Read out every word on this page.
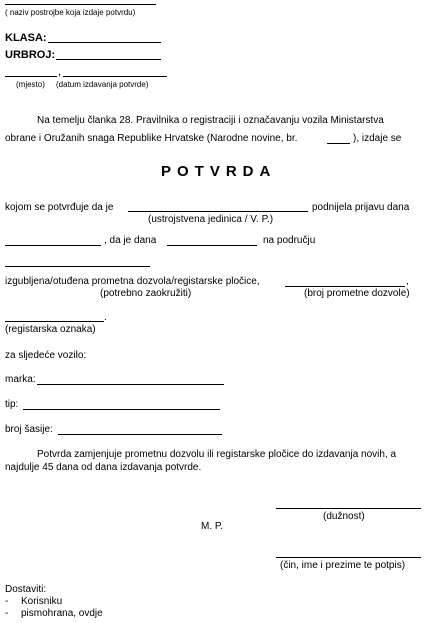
( naziv postrojbe koja izdaje potvrdu)
KLASA:
URBROJ:
,
(mjesto) (datum izdavanja potvrde)
Na temelju članka 28. Pravilnika o registraciji i označavanju vozila Ministarstva
obrane i Oružanih snaga Republike Hrvatske (Narodne novine, br.	), izdaje se
POTVRDA
kojom se potvrđuje da je	podnijela prijavu dana
(ustrojstvena jedinica / V. P.)
, da je dana	na području
izgubljena/otuđena prometna dozvola/registarske pločice,	,
(potrebno zaokružiti)	(broj prometne dozvole)
.
(registarska oznaka)
za sljedeće vozilo:
marka:
tip:
broj šasije:
Potvrda zamjenjuje prometnu dozvolu ili registarske pločice do izdavanja novih, a
najdulje 45 dana od dana izdavanja potvrde.
(dužnost)
M. P.
(čin, ime i prezime te potpis)
Dostaviti:
- Korisniku
- pismohrana, ovdje
